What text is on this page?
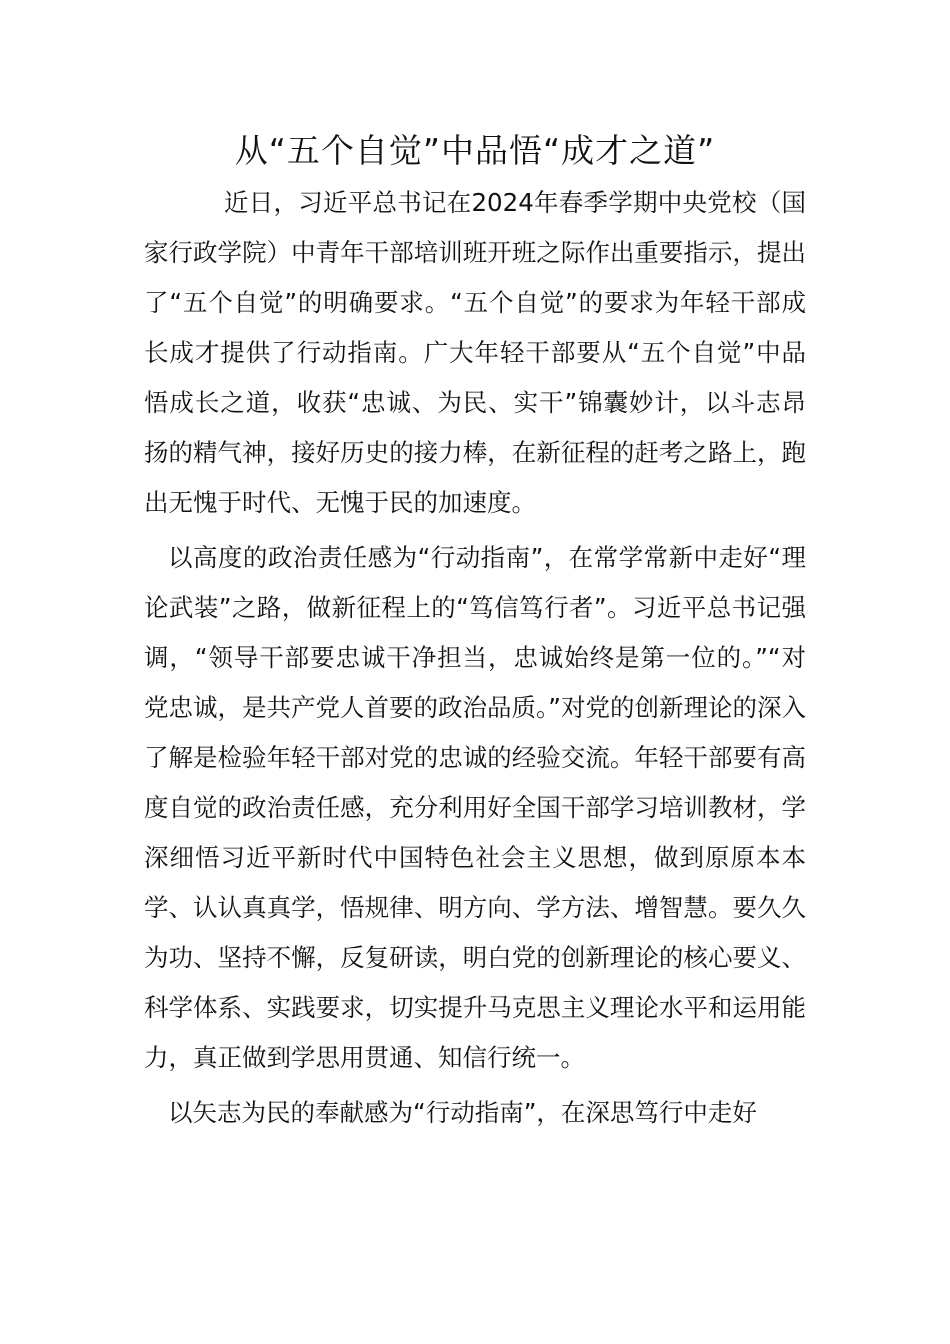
从“五个自觉”中品悟“成才之道”

近日，习近平总书记在2024年春季学期中央党校（国家行政学院）中青年干部培训班开班之际作出重要指示，提出了“五个自觉”的明确要求。“五个自觉”的要求为年轻干部成长成才提供了行动指南。广大年轻干部要从“五个自觉”中品悟成长之道，收获“忠诚、为民、实干”锦囊妙计，以斗志昂扬的精气神，接好历史的接力棒，在新征程的赶考之路上，跑出无愧于时代、无愧于民的加速度。

以高度的政治责任感为“行动指南”，在常学常新中走好“理论武装”之路，做新征程上的“笃信笃行者”。习近平总书记强调，“领导干部要忠诚干净担当，忠诚始终是第一位的。”“对党忠诚，是共产党人首要的政治品质。”对党的创新理论的深入了解是检验年轻干部对党的忠诚的经验交流。年轻干部要有高度自觉的政治责任感，充分利用好全国干部学习培训教材，学深细悟习近平新时代中国特色社会主义思想，做到原原本本学、认认真真学，悟规律、明方向、学方法、增智慧。要久久为功、坚持不懈，反复研读，明白党的创新理论的核心要义、科学体系、实践要求，切实提升马克思主义理论水平和运用能力，真正做到学思用贯通、知信行统一。

以矢志为民的奉献感为“行动指南”，在深思笃行中走好
